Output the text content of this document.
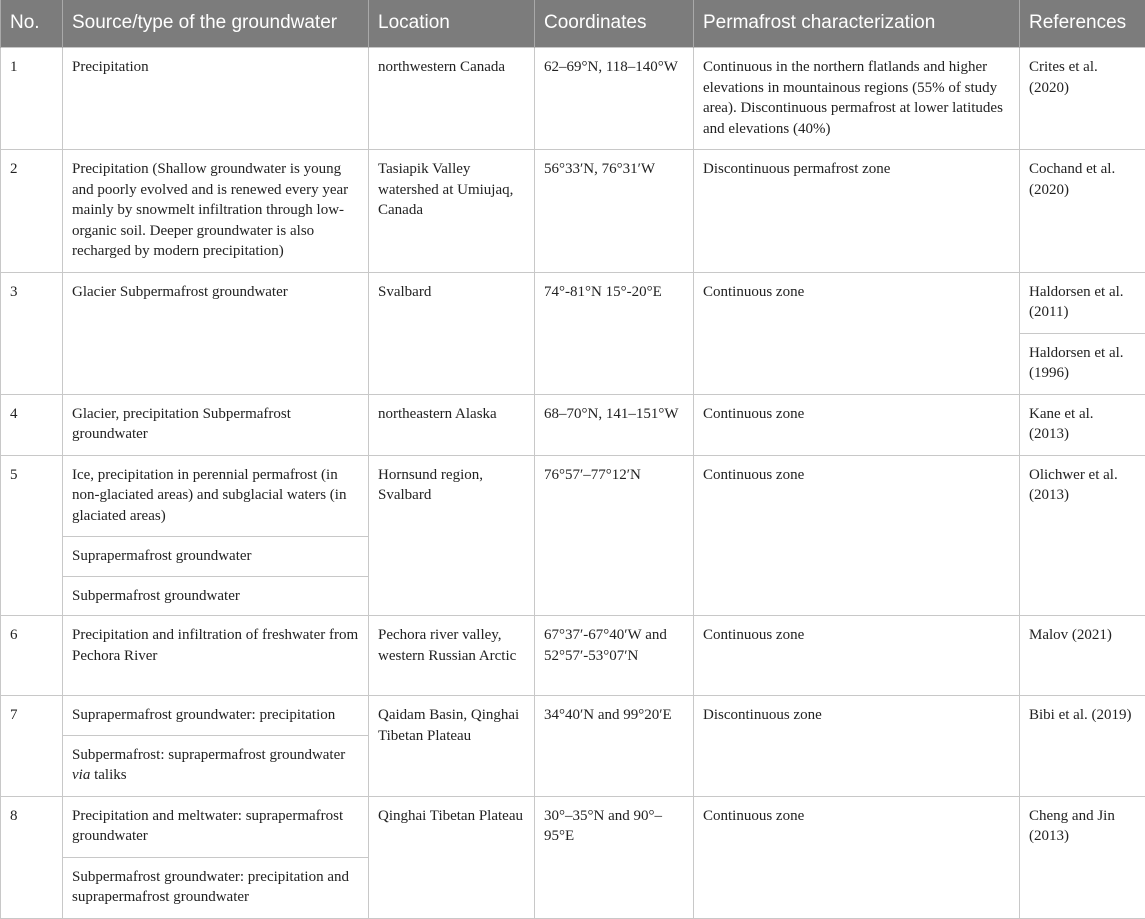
No.	Source/type of the groundwater	Location	Coordinates	Permafrost characterization	References
1	Precipitation	northwestern Canada	62–69°N, 118–140°W	Continuous in the northern flatlands and higher elevations in mountainous regions (55% of study area). Discontinuous permafrost at lower latitudes and elevations (40%)	Crites et al. (2020)
2	Precipitation (Shallow groundwater is young and poorly evolved and is renewed every year mainly by snowmelt infiltration through low-organic soil. Deeper groundwater is also recharged by modern precipitation)	Tasiapik Valley watershed at Umiujaq, Canada	56°33′N, 76°31′W	Discontinuous permafrost zone	Cochand et al. (2020)
3	Glacier Subpermafrost groundwater	Svalbard	74°-81°N 15°-20°E	Continuous zone	Haldorsen et al. (2011)
					Haldorsen et al. (1996)
4	Glacier, precipitation Subpermafrost groundwater	northeastern Alaska	68–70°N, 141–151°W	Continuous zone	Kane et al. (2013)
5	Ice, precipitation in perennial permafrost (in non-glaciated areas) and subglacial waters (in glaciated areas)	Hornsund region, Svalbard	76°57′–77°12′N	Continuous zone	Olichwer et al. (2013)
	Suprapermafrost groundwater				
	Subpermafrost groundwater				
6	Precipitation and infiltration of freshwater from Pechora River	Pechora river valley, western Russian Arctic	67°37′-67°40′W and 52°57′-53°07′N	Continuous zone	Malov (2021)
7	Suprapermafrost groundwater: precipitation	Qaidam Basin, Qinghai Tibetan Plateau	34°40′N and 99°20′E	Discontinuous zone	Bibi et al. (2019)
	Subpermafrost: suprapermafrost groundwater via taliks				
8	Precipitation and meltwater: suprapermafrost groundwater	Qinghai Tibetan Plateau	30°–35°N and 90°–95°E	Continuous zone	Cheng and Jin (2013)
	Subpermafrost groundwater: precipitation and suprapermafrost groundwater				
